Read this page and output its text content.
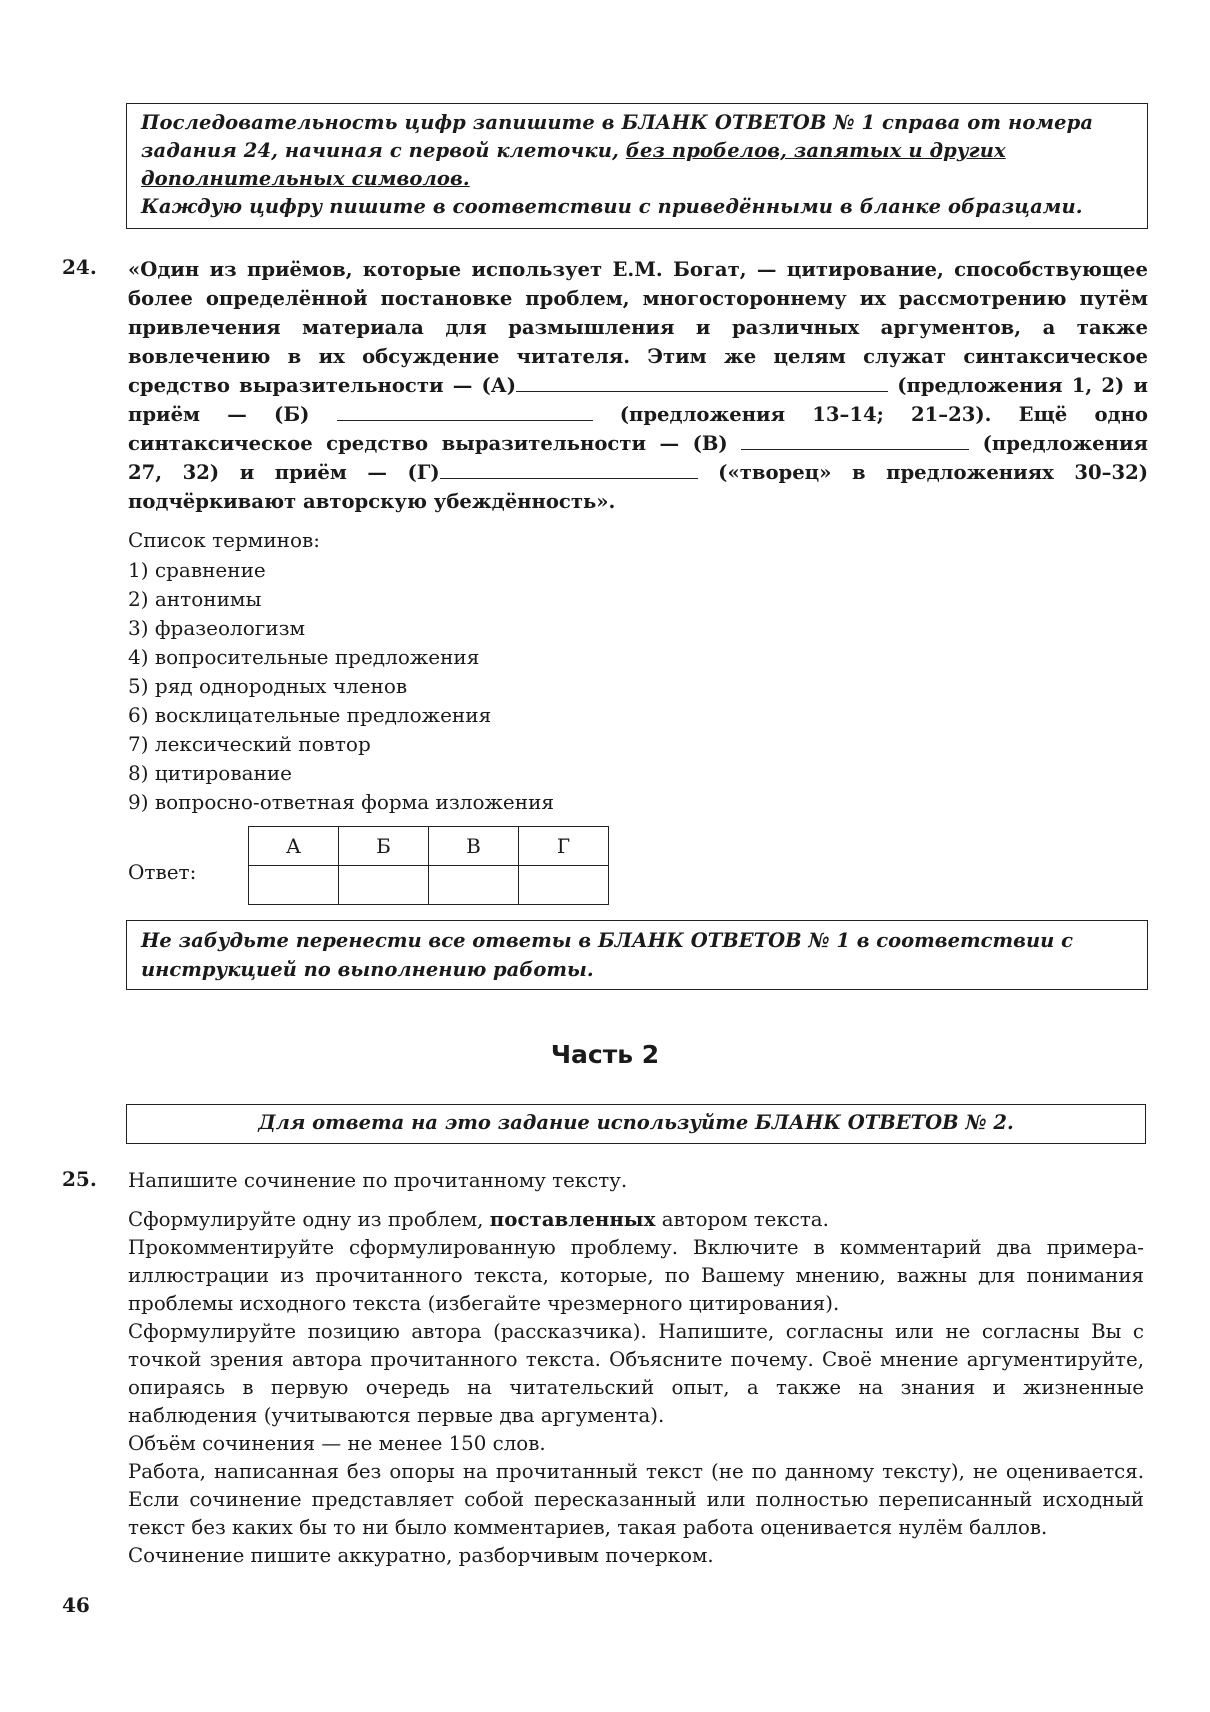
Последовательность цифр запишите в БЛАНК ОТВЕТОВ № 1 справа от номера задания 24, начиная с первой клеточки, без пробелов, запятых и других дополнительных символов.

Каждую цифру пишите в соответствии с приведёнными в бланке образцами.

24. «Один из приёмов, которые использует Е.М. Богат, — цитирование, способствующее более определённой постановке проблем, многостороннему их рассмотрению путём привлечения материала для размышления и различных аргументов, а также вовлечению в их обсуждение читателя. Этим же целям служат синтаксическое средство выразительности — (А)	(предложения 1, 2) и приём — (Б)	(предложения 13–14; 21–23). Ещё одно синтаксическое средство выразительности — (В)	(предложения 27, 32) и приём — (Г)	(«творец» в предложениях 30–32) подчёркивают авторскую убеждённость».
Список терминов:
1) сравнение
2) антонимы
3) фразеологизм
4) вопросительные предложения
5) ряд однородных членов
6) восклицательные предложения
7) лексический повтор
8) цитирование
9) вопросно-ответная форма изложения
Ответ:
А	Б	В	Г

Не забудьте перенести все ответы в БЛАНК ОТВЕТОВ № 1 в соответствии с инструкцией по выполнению работы.
Часть 2
Для ответа на это задание используйте БЛАНК ОТВЕТОВ № 2.
25. Напишите сочинение по прочитанному тексту.

Сформулируйте одну из проблем, поставленных автором текста.

Прокомментируйте сформулированную проблему. Включите в комментарий два примера-иллюстрации из прочитанного текста, которые, по Вашему мнению, важны для понимания проблемы исходного текста (избегайте чрезмерного цитирования).

Сформулируйте позицию автора (рассказчика). Напишите, согласны или не согласны Вы с точкой зрения автора прочитанного текста. Объясните почему. Своё мнение аргументируйте, опираясь в первую очередь на читательский опыт, а также на знания и жизненные наблюдения (учитываются первые два аргумента).

Объём сочинения — не менее 150 слов.

Работа, написанная без опоры на прочитанный текст (не по данному тексту), не оценивается. Если сочинение представляет собой пересказанный или полностью переписанный исходный текст без каких бы то ни было комментариев, такая работа оценивается нулём баллов.

Сочинение пишите аккуратно, разборчивым почерком.

46
